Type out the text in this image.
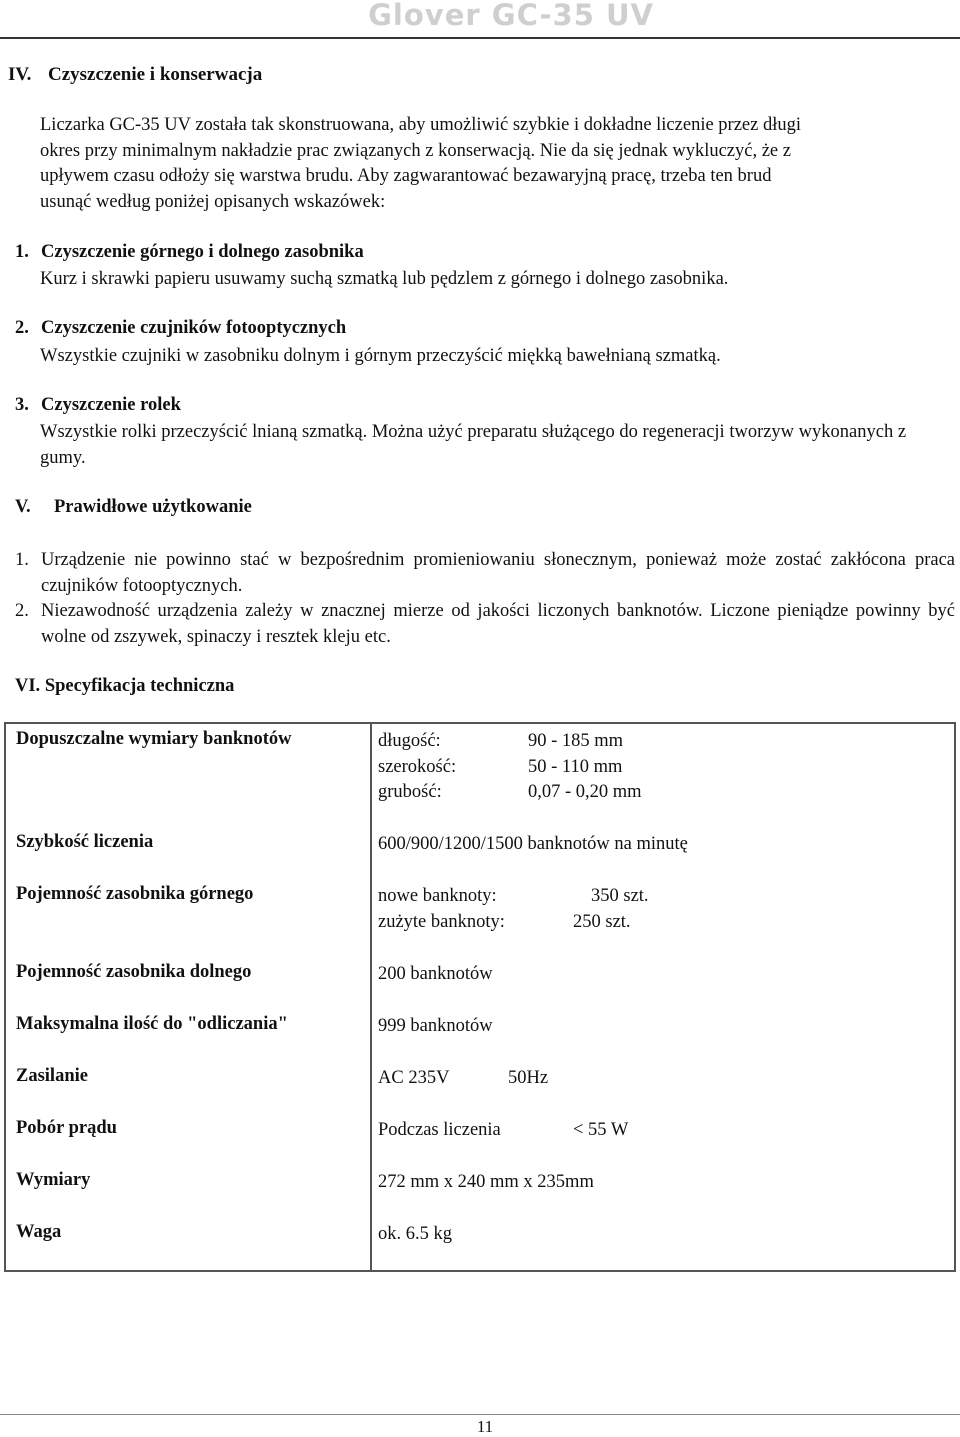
Glover GC-35 UV
IV. Czyszczenie i konserwacja
Liczarka GC-35 UV została tak skonstruowana, aby umożliwić szybkie i dokładne liczenie przez długi
okres przy minimalnym nakładzie prac związanych z konserwacją. Nie da się jednak wykluczyć, że z
upływem czasu odłoży się warstwa brudu. Aby zagwarantować bezawaryjną pracę, trzeba ten brud
usunąć według poniżej opisanych wskazówek:
1. Czyszczenie górnego i dolnego zasobnika
Kurz i skrawki papieru usuwamy suchą szmatką lub pędzlem z górnego i dolnego zasobnika.
2. Czyszczenie czujników fotooptycznych
Wszystkie czujniki w zasobniku dolnym i górnym przeczyścić miękką bawełnianą szmatką.
3. Czyszczenie rolek
Wszystkie rolki przeczyścić lnianą szmatką. Można użyć preparatu służącego do regeneracji tworzyw wykonanych z gumy.
V. Prawidłowe użytkowanie
1. Urządzenie nie powinno stać w bezpośrednim promieniowaniu słonecznym, ponieważ może zostać zakłócona praca czujników fotooptycznych.
2. Niezawodność urządzenia zależy w znacznej mierze od jakości liczonych banknotów. Liczone pieniądze powinny być wolne od zszywek, spinaczy i resztek kleju etc.
VI. Specyfikacja techniczna
Dopuszczalne wymiary banknotów	długość:	90 - 185 mm
szerokość:	50 - 110 mm
grubość:	0,07 - 0,20 mm
Szybkość liczenia	600/900/1200/1500 banknotów na minutę
Pojemność zasobnika górnego	nowe banknoty:	350 szt.
zużyte banknoty:	250 szt.
Pojemność zasobnika dolnego	200 banknotów
Maksymalna ilość do "odliczania"	999 banknotów
Zasilanie	AC 235V	50Hz
Pobór prądu	Podczas liczenia	< 55 W
Wymiary	272 mm x 240 mm x 235mm
Waga	ok. 6.5 kg
11
